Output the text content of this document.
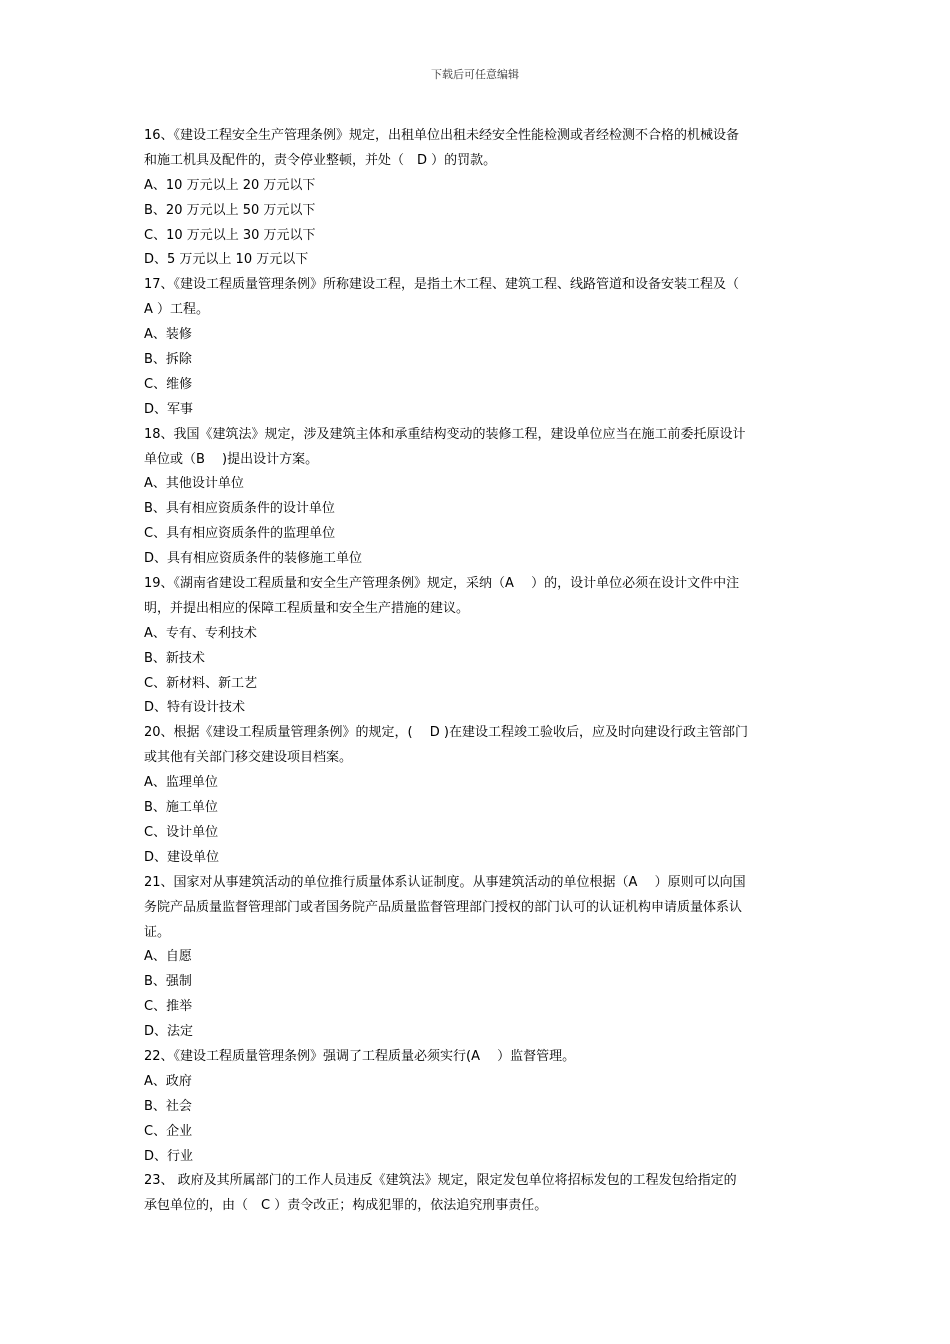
下载后可任意编辑
16、《建设工程安全生产管理条例》规定，出租单位出租未经安全性能检测或者经检测不合格的机械设备
和施工机具及配件的，责令停业整顿，并处（　D ）的罚款。
A、10 万元以上 20 万元以下
B、20 万元以上 50 万元以下
C、10 万元以上 30 万元以下
D、5 万元以上 10 万元以下
17、《建设工程质量管理条例》所称建设工程，是指土木工程、建筑工程、线路管道和设备安装工程及（
A ）工程。
A、装修
B、拆除
C、维修
D、军事
18、我国《建筑法》规定，涉及建筑主体和承重结构变动的装修工程，建设单位应当在施工前委托原设计
单位或（B　 )提出设计方案。
A、其他设计单位
B、具有相应资质条件的设计单位
C、具有相应资质条件的监理单位
D、具有相应资质条件的装修施工单位
19、《湖南省建设工程质量和安全生产管理条例》规定，采纳（A　 ）的，设计单位必须在设计文件中注
明，并提出相应的保障工程质量和安全生产措施的建议。
A、专有、专利技术
B、新技术
C、新材料、新工艺
D、特有设计技术
20、根据《建设工程质量管理条例》的规定，(　 D )在建设工程竣工验收后，应及时向建设行政主管部门
或其他有关部门移交建设项目档案。
A、监理单位
B、施工单位
C、设计单位
D、建设单位
21、国家对从事建筑活动的单位推行质量体系认证制度。从事建筑活动的单位根据（A　 ）原则可以向国
务院产品质量监督管理部门或者国务院产品质量监督管理部门授权的部门认可的认证机构申请质量体系认
证。
A、自愿
B、强制
C、推举
D、法定
22、《建设工程质量管理条例》强调了工程质量必须实行(A　 ）监督管理。
A、政府
B、社会
C、企业
D、行业
23、 政府及其所属部门的工作人员违反《建筑法》规定，限定发包单位将招标发包的工程发包给指定的
承包单位的，由（　C ）责令改正；构成犯罪的，依法追究刑事责任。
